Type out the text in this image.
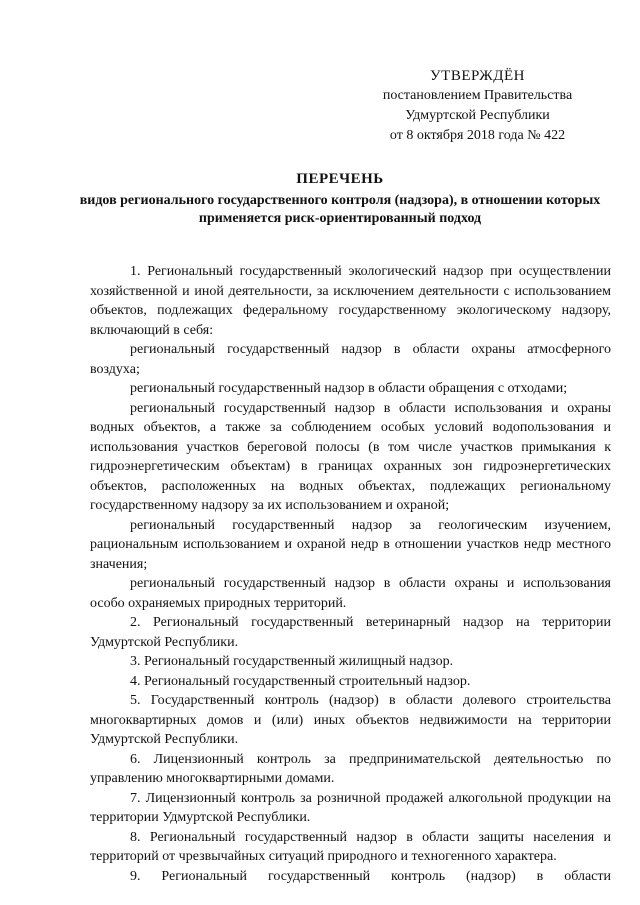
УТВЕРЖДЁН
постановлением Правительства
Удмуртской Республики
от 8 октября 2018 года № 422
ПЕРЕЧЕНЬ
видов регионального государственного контроля (надзора), в отношении которых применяется риск-ориентированный подход

1. Региональный государственный экологический надзор при осуществлении хозяйственной и иной деятельности, за исключением деятельности с использованием объектов, подлежащих федеральному государственному экологическому надзору, включающий в себя:

региональный государственный надзор в области охраны атмосферного воздуха;

региональный государственный надзор в области обращения с отходами;

региональный государственный надзор в области использования и охраны водных объектов, а также за соблюдением особых условий водопользования и использования участков береговой полосы (в том числе участков примыкания к гидроэнергетическим объектам) в границах охранных зон гидроэнергетических объектов, расположенных на водных объектах, подлежащих региональному государственному надзору за их использованием и охраной;

региональный государственный надзор за геологическим изучением, рациональным использованием и охраной недр в отношении участков недр местного значения;

региональный государственный надзор в области охраны и использования особо охраняемых природных территорий.

2. Региональный государственный ветеринарный надзор на территории Удмуртской Республики.

3. Региональный государственный жилищный надзор.

4. Региональный государственный строительный надзор.

5. Государственный контроль (надзор) в области долевого строительства многоквартирных домов и (или) иных объектов недвижимости на территории Удмуртской Республики.

6. Лицензионный контроль за предпринимательской деятельностью по управлению многоквартирными домами.

7. Лицензионный контроль за розничной продажей алкогольной продукции на территории Удмуртской Республики.

8. Региональный государственный надзор в области защиты населения и территорий от чрезвычайных ситуаций природного и техногенного характера.

9. Региональный государственный контроль (надзор) в области
